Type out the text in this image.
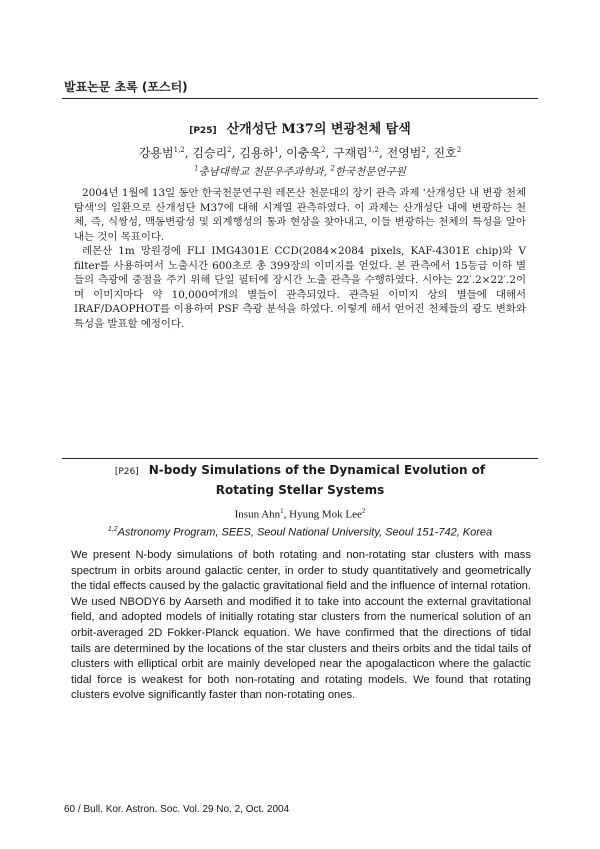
발표논문 초록 (포스터)
[P25] 산개성단 M37의 변광천체 탐색
강용범$^{1,2}$, 김승리$^2$, 김용하$^1$, 이충욱$^2$, 구재림$^{1,2}$, 전영범$^2$, 진호$^2$
$^1$충남대학교 천문우주과학과, $^2$한국천문연구원

2004년 1월에 13일 동안 한국천문연구원 레몬산 천문대의 장기 관측 과제 '산개성단 내 변광 천체 탐색'의 일환으로 산개성단 M37에 대해 시계열 관측하였다. 이 과제는 산개성단 내에 변광하는 천체, 즉, 식쌍성, 맥동변광성 및 외계행성의 통과 현상을 찾아내고, 이들 변광하는 천체의 특성을 알아내는 것이 목표이다.

레몬산 1m 망원경에 FLI IMG4301E CCD(2084×2084 pixels, KAF-4301E chip)와 V filter를 사용하여서 노출시간 600초로 총 399장의 이미지를 얻었다. 본 관측에서 15등급 이하 별들의 측광에 중점을 주기 위해 단일 필터에 장시간 노출 관측을 수행하였다. 시야는 22′.2×22′.2이며 이미지마다 약 10,000여개의 별들이 관측되었다. 관측된 이미지 상의 별들에 대해서 IRAF/DAOPHOT를 이용하여 PSF 측광 분석을 하였다. 이렇게 해서 얻어진 천체들의 광도 변화와 특성을 발표할 예정이다.

[P26] N-body Simulations of the Dynamical Evolution of
Rotating Stellar Systems
Insun Ahn$^1$, Hyung Mok Lee$^2$
$^{1,2}$Astronomy Program, SEES, Seoul National University, Seoul 151-742, Korea

We present N-body simulations of both rotating and non-rotating star clusters with mass spectrum in orbits around galactic center, in order to study quantitatively and geometrically the tidal effects caused by the galactic gravitational field and the influence of internal rotation. We used NBODY6 by Aarseth and modified it to take into account the external gravitational field, and adopted models of initially rotating star clusters from the numerical solution of an orbit-averaged 2D Fokker-Planck equation. We have confirmed that the directions of tidal tails are determined by the locations of the star clusters and theirs orbits and the tidal tails of clusters with elliptical orbit are mainly developed near the apogalacticon where the galactic tidal force is weakest for both non-rotating and rotating models. We found that rotating clusters evolve significantly faster than non-rotating ones.

60 / Bull. Kor. Astron. Soc. Vol. 29 No. 2, Oct. 2004
